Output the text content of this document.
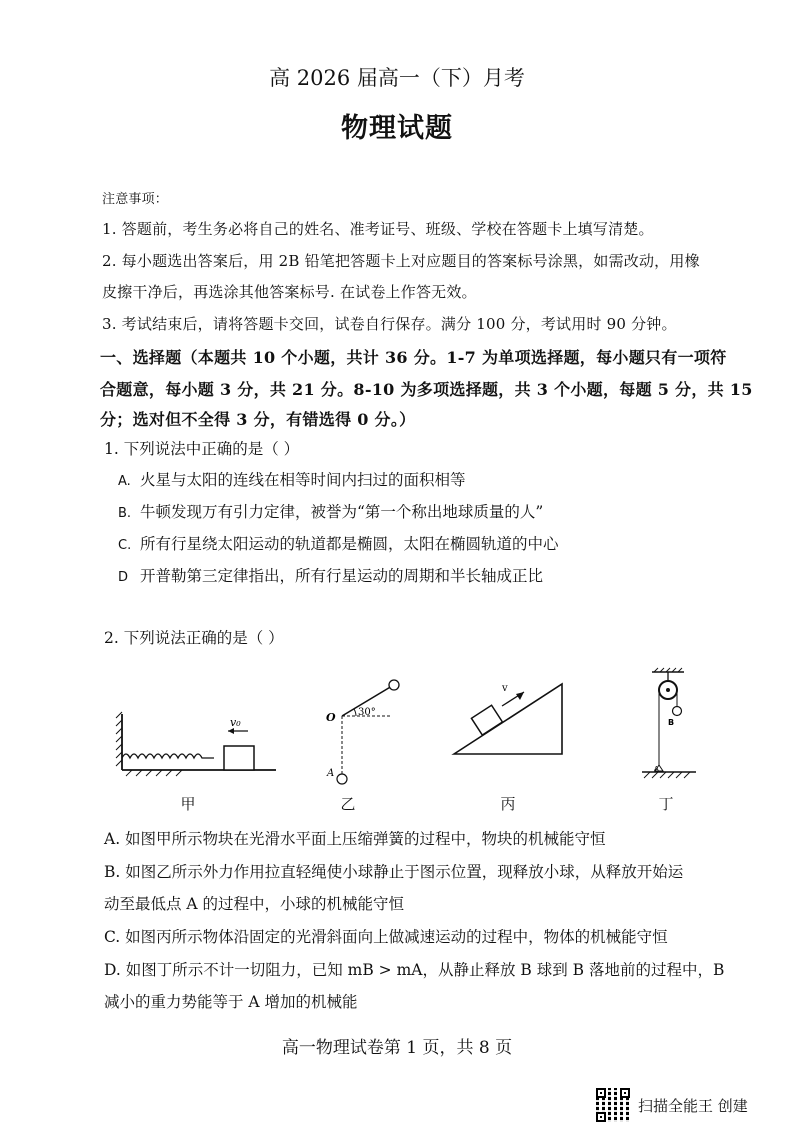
高 2026 届高一（下）月考
物理试题
注意事项：
1. 答题前，考生务必将自己的姓名、准考证号、班级、学校在答题卡上填写清楚。
2. 每小题选出答案后，用 2B 铅笔把答题卡上对应题目的答案标号涂黑，如需改动，用橡
皮擦干净后，再选涂其他答案标号. 在试卷上作答无效。
3. 考试结束后，请将答题卡交回，试卷自行保存。满分 100 分，考试用时 90 分钟。
一、选择题（本题共 10 个小题，共计 36 分。1-7 为单项选择题，每小题只有一项符
合题意，每小题 3 分，共 21 分。8-10 为多项选择题，共 3 个小题，每题 5 分，共 15
分；选对但不全得 3 分，有错选得 0 分。）
1. 下列说法中正确的是（ ）
A. 火星与太阳的连线在相等时间内扫过的面积相等
B. 牛顿发现万有引力定律，被誉为“第一个称出地球质量的人”
C. 所有行星绕太阳运动的轨道都是椭圆，太阳在椭圆轨道的中心
D 开普勒第三定律指出，所有行星运动的周期和半长轴成正比
2. 下列说法正确的是（ ）
v₀
甲
O 30°
A
乙
v
丙
B
A
丁
A. 如图甲所示物块在光滑水平面上压缩弹簧的过程中，物块的机械能守恒
B. 如图乙所示外力作用拉直轻绳使小球静止于图示位置，现释放小球，从释放开始运
动至最低点 A 的过程中，小球的机械能守恒
C. 如图丙所示物体沿固定的光滑斜面向上做减速运动的过程中，物体的机械能守恒
D. 如图丁所示不计一切阻力，已知 mB > mA，从静止释放 B 球到 B 落地前的过程中，B
减小的重力势能等于 A 增加的机械能
高一物理试卷第 1 页，共 8 页
扫描全能王 创建
